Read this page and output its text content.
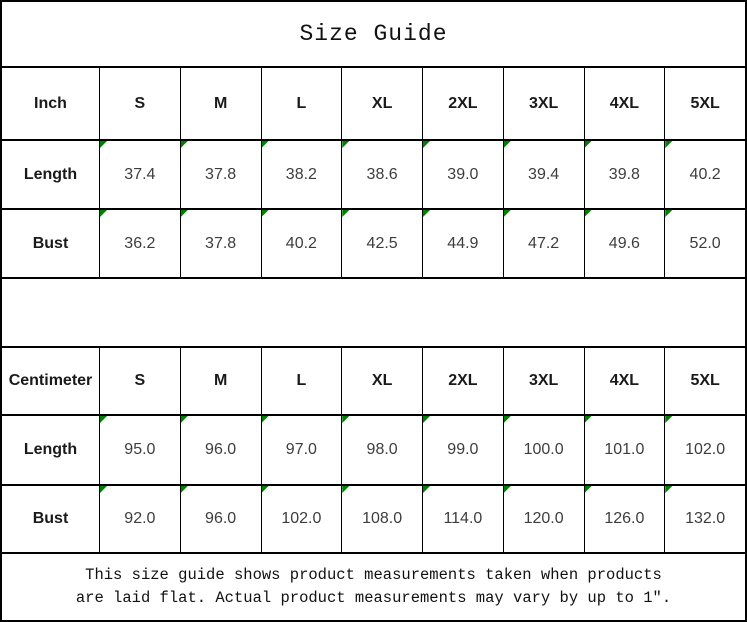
Size Guide
Inch	S	M	L	XL	2XL	3XL	4XL	5XL
Length	37.4	37.8	38.2	38.6	39.0	39.4	39.8	40.2
Bust	36.2	37.8	40.2	42.5	44.9	47.2	49.6	52.0
Centimeter	S	M	L	XL	2XL	3XL	4XL	5XL
Length	95.0	96.0	97.0	98.0	99.0	100.0	101.0	102.0
Bust	92.0	96.0	102.0	108.0	114.0	120.0	126.0	132.0
This size guide shows product measurements taken when products
are laid flat. Actual product measurements may vary by up to 1″.
